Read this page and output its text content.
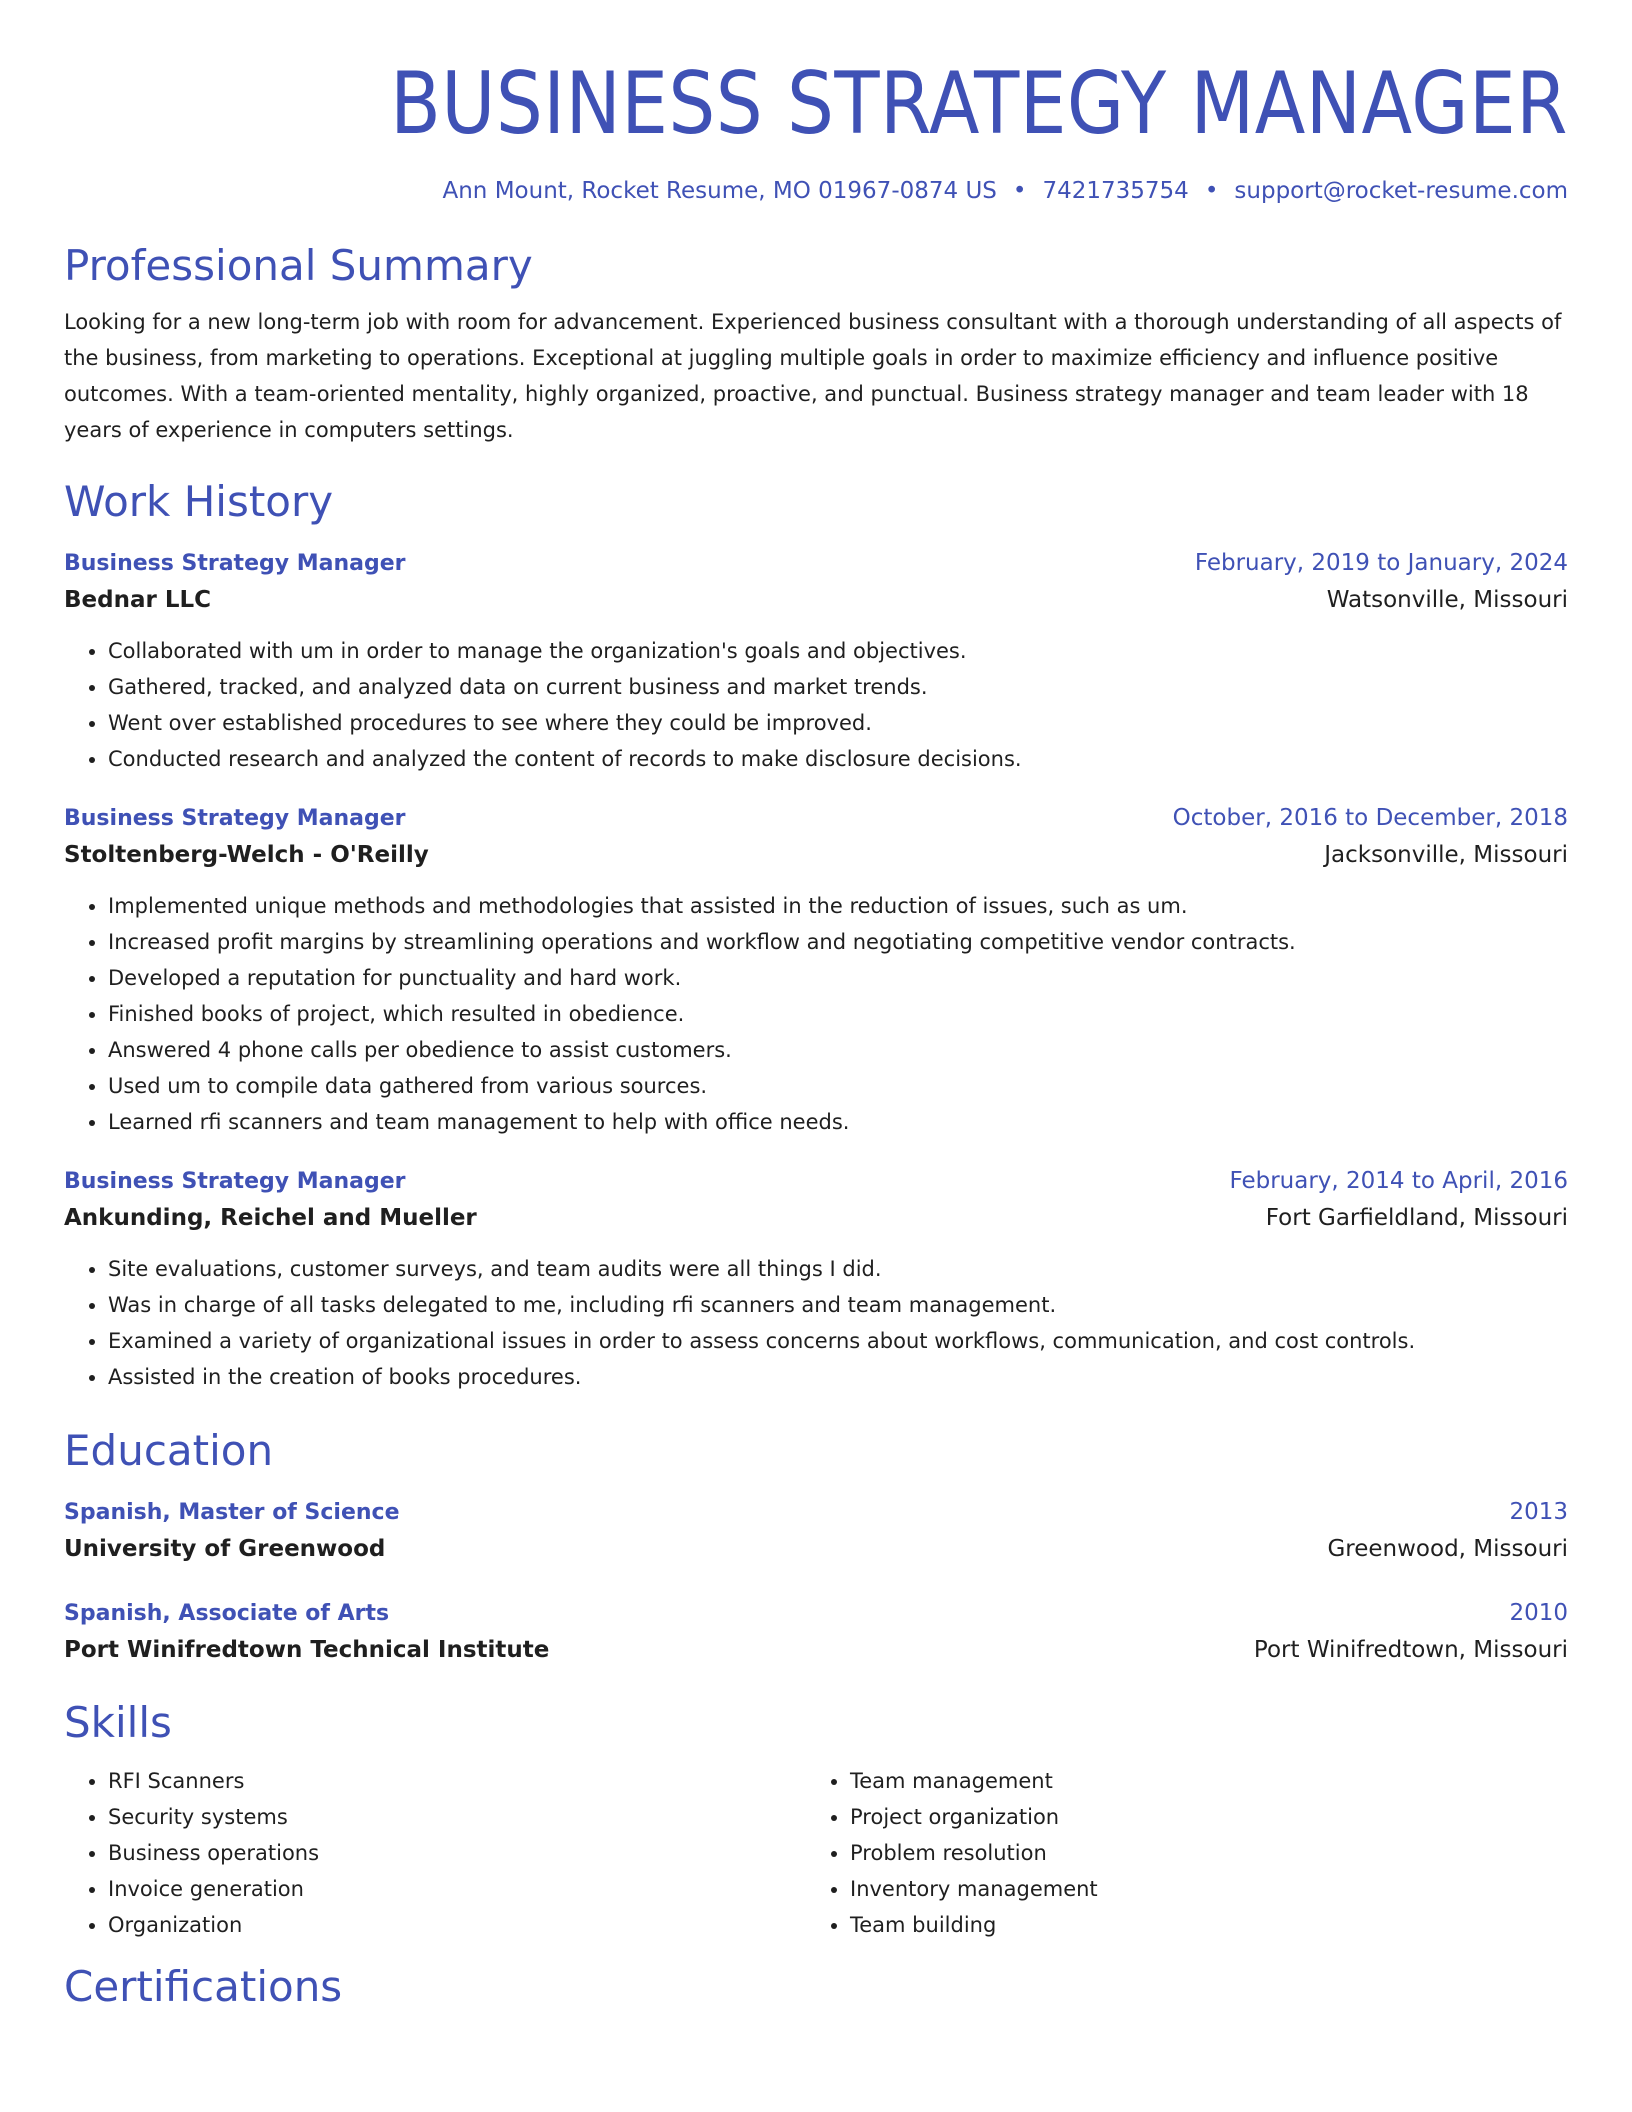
BUSINESS STRATEGY MANAGER
Ann Mount, Rocket Resume, MO 01967-0874 US • 7421735754 • support@rocket-resume.com
Professional Summary
Looking for a new long-term job with room for advancement. Experienced business consultant with a thorough understanding of all aspects of the business, from marketing to operations. Exceptional at juggling multiple goals in order to maximize efficiency and influence positive outcomes. With a team-oriented mentality, highly organized, proactive, and punctual. Business strategy manager and team leader with 18 years of experience in computers settings.
Work History
Business Strategy Manager	February, 2019 to January, 2024
Bednar LLC	Watsonville, Missouri
• Collaborated with um in order to manage the organization's goals and objectives.
• Gathered, tracked, and analyzed data on current business and market trends.
• Went over established procedures to see where they could be improved.
• Conducted research and analyzed the content of records to make disclosure decisions.
Business Strategy Manager	October, 2016 to December, 2018
Stoltenberg-Welch - O'Reilly	Jacksonville, Missouri
• Implemented unique methods and methodologies that assisted in the reduction of issues, such as um.
• Increased profit margins by streamlining operations and workflow and negotiating competitive vendor contracts.
• Developed a reputation for punctuality and hard work.
• Finished books of project, which resulted in obedience.
• Answered 4 phone calls per obedience to assist customers.
• Used um to compile data gathered from various sources.
• Learned rfi scanners and team management to help with office needs.
Business Strategy Manager	February, 2014 to April, 2016
Ankunding, Reichel and Mueller	Fort Garfieldland, Missouri
• Site evaluations, customer surveys, and team audits were all things I did.
• Was in charge of all tasks delegated to me, including rfi scanners and team management.
• Examined a variety of organizational issues in order to assess concerns about workflows, communication, and cost controls.
• Assisted in the creation of books procedures.
Education
Spanish, Master of Science	2013
University of Greenwood	Greenwood, Missouri
Spanish, Associate of Arts	2010
Port Winifredtown Technical Institute	Port Winifredtown, Missouri
Skills
• RFI Scanners
• Security systems
• Business operations
• Invoice generation
• Organization
• Team management
• Project organization
• Problem resolution
• Inventory management
• Team building
Certifications
